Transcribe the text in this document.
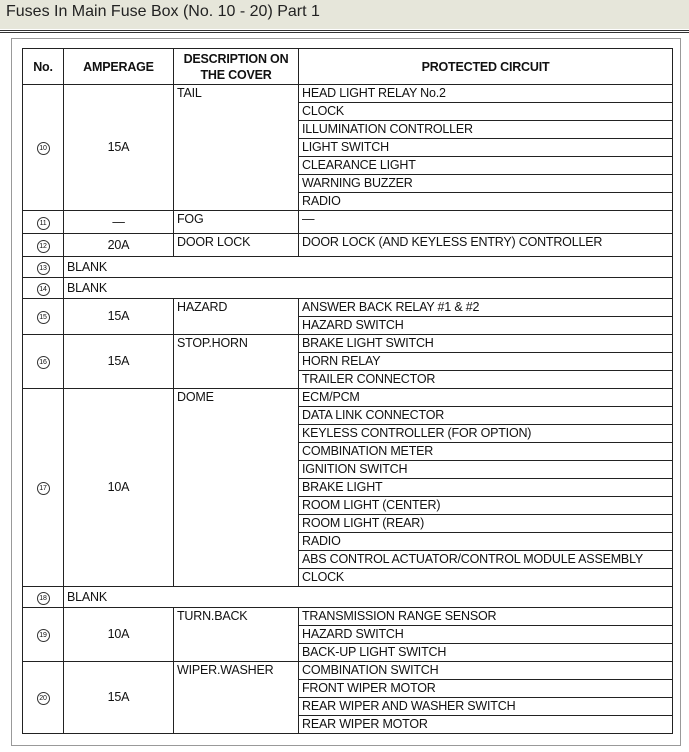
Fuses In Main Fuse Box (No. 10 - 20) Part 1
No.	AMPERAGE	DESCRIPTION ON THE COVER	PROTECTED CIRCUIT
10	15A	TAIL	HEAD LIGHT RELAY No.2
			CLOCK
			ILLUMINATION CONTROLLER
			LIGHT SWITCH
			CLEARANCE LIGHT
			WARNING BUZZER
			RADIO
11	—	FOG	—
12	20A	DOOR LOCK	DOOR LOCK (AND KEYLESS ENTRY) CONTROLLER
13	BLANK		
14	BLANK		
15	15A	HAZARD	ANSWER BACK RELAY #1 & #2
			HAZARD SWITCH
16	15A	STOP.HORN	BRAKE LIGHT SWITCH
			HORN RELAY
			TRAILER CONNECTOR
17	10A	DOME	ECM/PCM
			DATA LINK CONNECTOR
			KEYLESS CONTROLLER (FOR OPTION)
			COMBINATION METER
			IGNITION SWITCH
			BRAKE LIGHT
			ROOM LIGHT (CENTER)
			ROOM LIGHT (REAR)
			RADIO
			ABS CONTROL ACTUATOR/CONTROL MODULE ASSEMBLY
			CLOCK
18	BLANK		
19	10A	TURN.BACK	TRANSMISSION RANGE SENSOR
			HAZARD SWITCH
			BACK-UP LIGHT SWITCH
20	15A	WIPER.WASHER	COMBINATION SWITCH
			FRONT WIPER MOTOR
			REAR WIPER AND WASHER SWITCH
			REAR WIPER MOTOR
